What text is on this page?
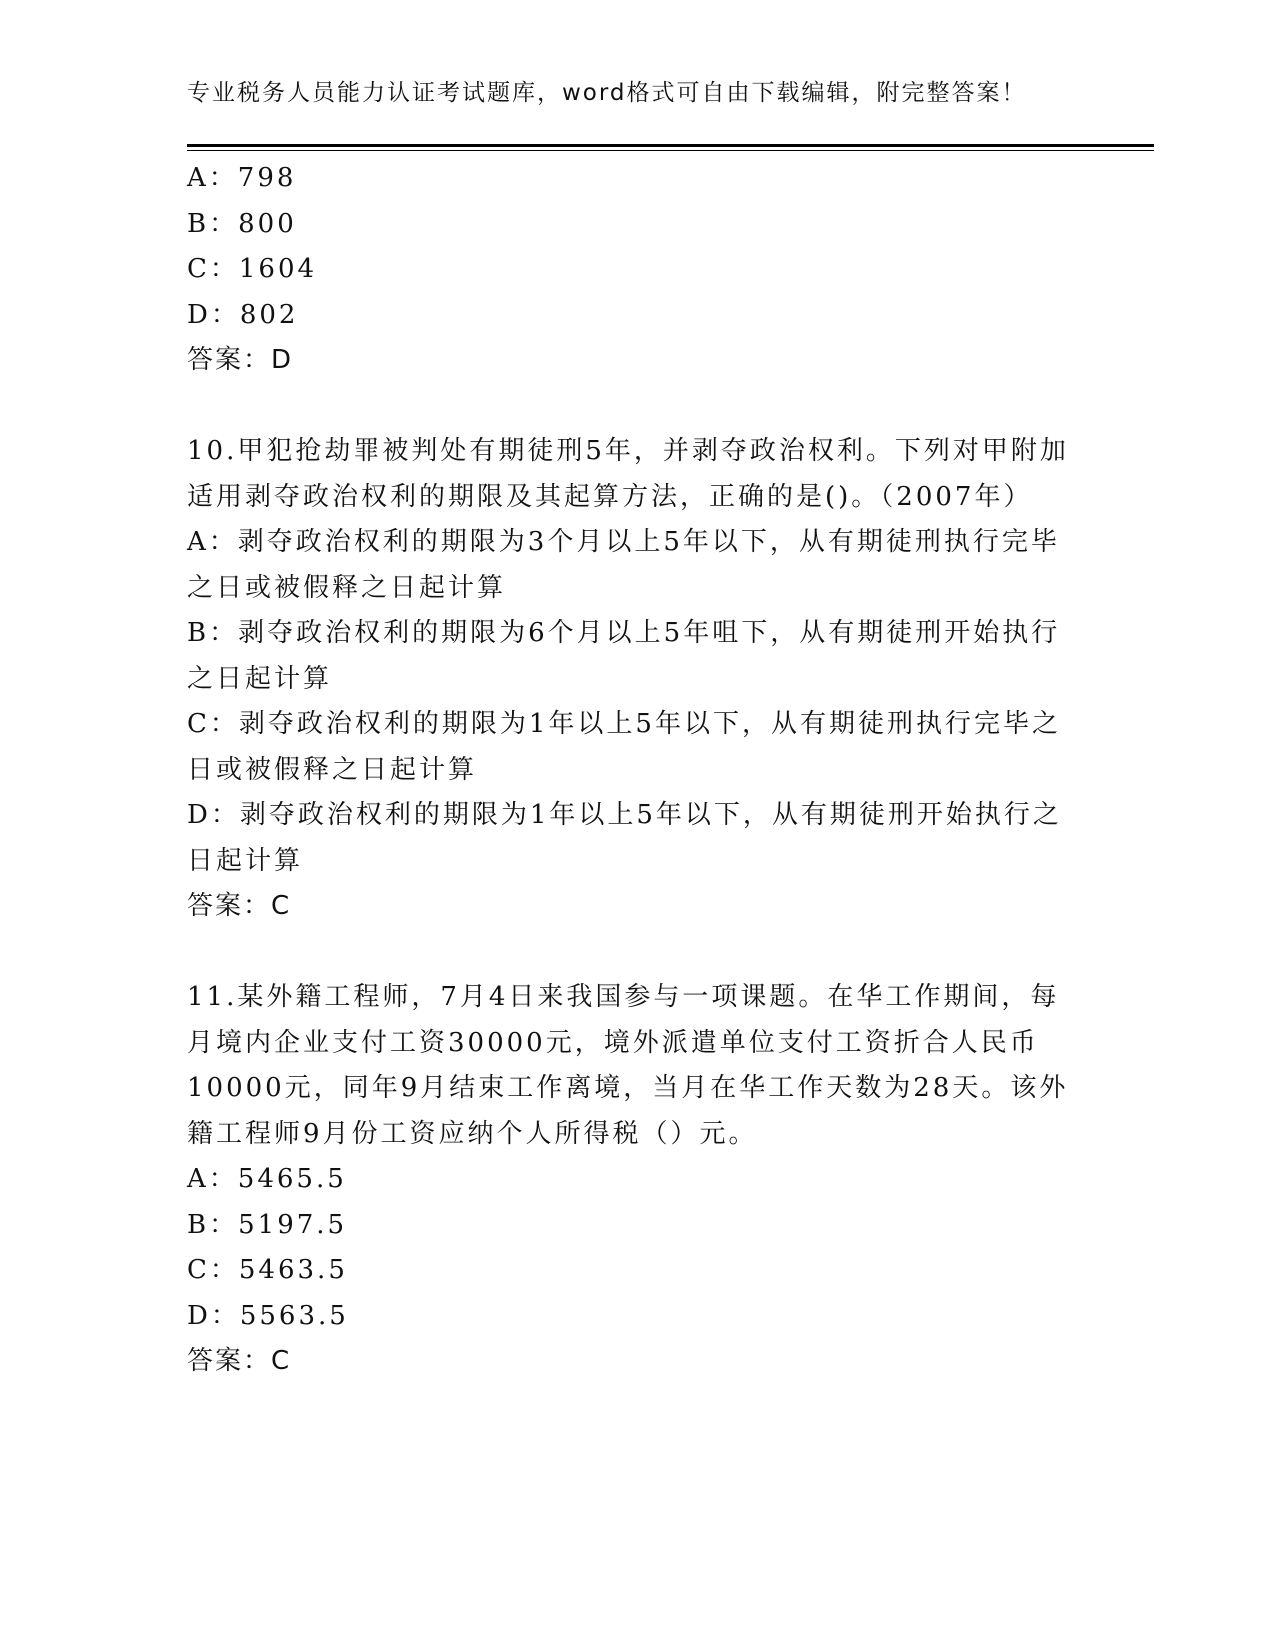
专业税务人员能力认证考试题库，word格式可自由下载编辑，附完整答案！
A：798
B：800
C：1604
D：802
答案：D
10.甲犯抢劫罪被判处有期徒刑5年，并剥夺政治权利。下列对甲附加
适用剥夺政治权利的期限及其起算方法，正确的是()。（2007年）
A：剥夺政治权利的期限为3个月以上5年以下，从有期徒刑执行完毕
之日或被假释之日起计算
B：剥夺政治权利的期限为6个月以上5年咀下，从有期徒刑开始执行
之日起计算
C：剥夺政治权利的期限为1年以上5年以下，从有期徒刑执行完毕之
日或被假释之日起计算
D：剥夺政治权利的期限为1年以上5年以下，从有期徒刑开始执行之
日起计算
答案：C
11.某外籍工程师，7月4日来我国参与一项课题。在华工作期间，每
月境内企业支付工资30000元，境外派遣单位支付工资折合人民币
10000元，同年9月结束工作离境，当月在华工作天数为28天。该外
籍工程师9月份工资应纳个人所得税（）元。
A：5465.5
B：5197.5
C：5463.5
D：5563.5
答案：C
